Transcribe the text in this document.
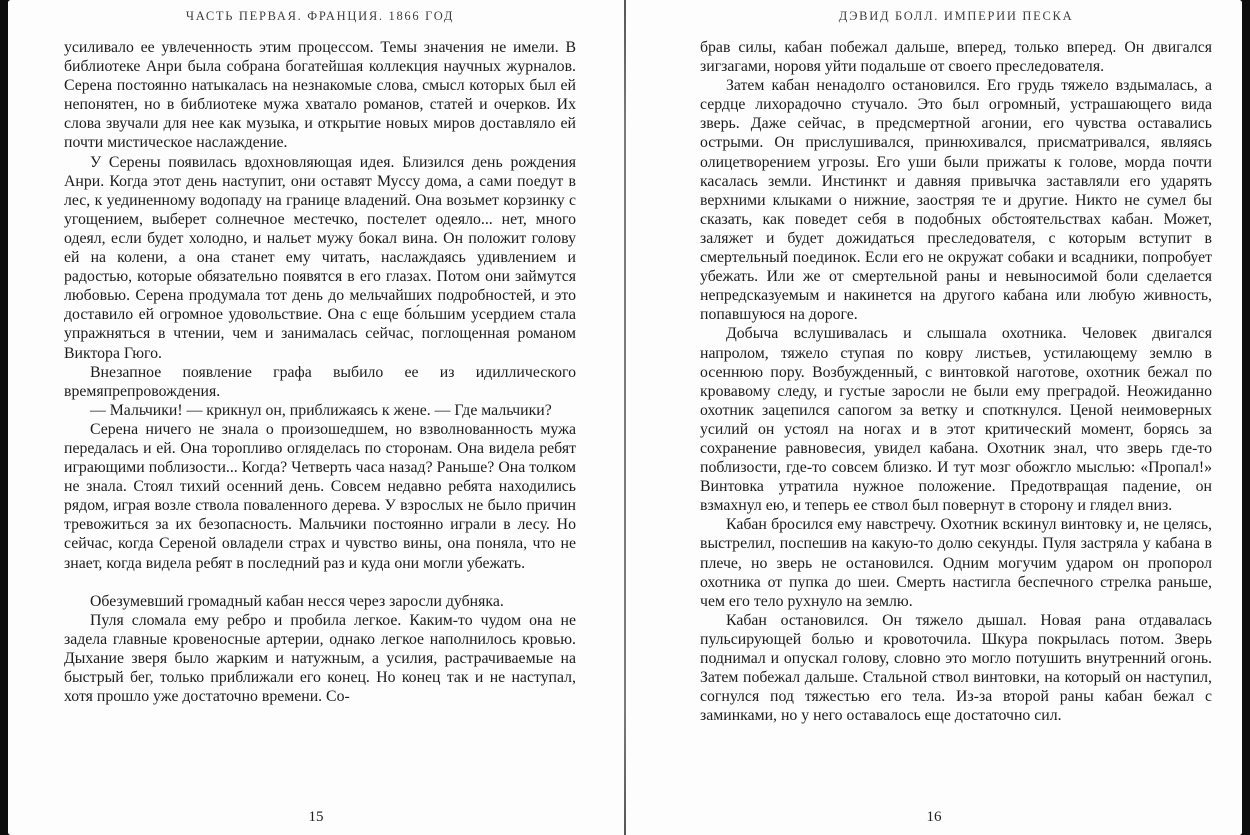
ЧАСТЬ ПЕРВАЯ. ФРАНЦИЯ. 1866 ГОД

усиливало ее увлеченность этим процессом. Темы значения не имели. В библиотеке Анри была собрана богатейшая коллекция научных журналов. Серена постоянно натыкалась на незнакомые слова, смысл которых был ей непонятен, но в библиотеке мужа хватало романов, статей и очерков. Их слова звучали для нее как музыка, и открытие новых миров доставляло ей почти мистическое наслаждение.

У Серены появилась вдохновляющая идея. Близился день рождения Анри. Когда этот день наступит, они оставят Муссу дома, а сами поедут в лес, к уединенному водопаду на границе владений. Она возьмет корзинку с угощением, выберет солнечное местечко, постелет одеяло... нет, много одеял, если будет холодно, и нальет мужу бокал вина. Он положит голову ей на колени, а она станет ему читать, наслаждаясь удивлением и радостью, которые обязательно появятся в его глазах. Потом они займутся любовью. Серена продумала тот день до мельчайших подробностей, и это доставило ей огромное удовольствие. Она с еще бо́льшим усердием стала упражняться в чтении, чем и занималась сейчас, поглощенная романом Виктора Гюго.

Внезапное появление графа выбило ее из идиллического времяпрепровождения.

— Мальчики! — крикнул он, приближаясь к жене. — Где мальчики?

Серена ничего не знала о произошедшем, но взволнованность мужа передалась и ей. Она торопливо огляделась по сторонам. Она видела ребят играющими поблизости... Когда? Четверть часа назад? Раньше? Она толком не знала. Стоял тихий осенний день. Совсем недавно ребята находились рядом, играя возле ствола поваленного дерева. У взрослых не было причин тревожиться за их безопасность. Мальчики постоянно играли в лесу. Но сейчас, когда Сереной овладели страх и чувство вины, она поняла, что не знает, когда видела ребят в последний раз и куда они могли убежать.

Обезумевший громадный кабан несся через заросли дубняка.

Пуля сломала ему ребро и пробила легкое. Каким-то чудом она не задела главные кровеносные артерии, однако легкое наполнилось кровью. Дыхание зверя было жарким и натужным, а усилия, растрачиваемые на быстрый бег, только приближали его конец. Но конец так и не наступал, хотя прошло уже достаточно времени. Со-

15
ДЭВИД БОЛЛ. ИМПЕРИИ ПЕСКА

брав силы, кабан побежал дальше, вперед, только вперед. Он двигался зигзагами, норовя уйти подальше от своего преследователя.

Затем кабан ненадолго остановился. Его грудь тяжело вздымалась, а сердце лихорадочно стучало. Это был огромный, устрашающего вида зверь. Даже сейчас, в предсмертной агонии, его чувства оставались острыми. Он прислушивался, принюхивался, присматривался, являясь олицетворением угрозы. Его уши были прижаты к голове, морда почти касалась земли. Инстинкт и давняя привычка заставляли его ударять верхними клыками о нижние, заостряя те и другие. Никто не сумел бы сказать, как поведет себя в подобных обстоятельствах кабан. Может, заляжет и будет дожидаться преследователя, с которым вступит в смертельный поединок. Если его не окружат собаки и всадники, попробует убежать. Или же от смертельной раны и невыносимой боли сделается непредсказуемым и накинется на другого кабана или любую живность, попавшуюся на дороге.

Добыча вслушивалась и слышала охотника. Человек двигался напролом, тяжело ступая по ковру листьев, устилающему землю в осеннюю пору. Возбужденный, с винтовкой наготове, охотник бежал по кровавому следу, и густые заросли не были ему преградой. Неожиданно охотник зацепился сапогом за ветку и споткнулся. Ценой неимоверных усилий он устоял на ногах и в этот критический момент, борясь за сохранение равновесия, увидел кабана. Охотник знал, что зверь где-то поблизости, где-то совсем близко. И тут мозг обожгло мыслью: «Пропал!» Винтовка утратила нужное положение. Предотвращая падение, он взмахнул ею, и теперь ее ствол был повернут в сторону и глядел вниз.

Кабан бросился ему навстречу. Охотник вскинул винтовку и, не целясь, выстрелил, поспешив на какую-то долю секунды. Пуля застряла у кабана в плече, но зверь не остановился. Одним могучим ударом он пропорол охотника от пупка до шеи. Смерть настигла беспечного стрелка раньше, чем его тело рухнуло на землю.

Кабан остановился. Он тяжело дышал. Новая рана отдавалась пульсирующей болью и кровоточила. Шкура покрылась потом. Зверь поднимал и опускал голову, словно это могло потушить внутренний огонь. Затем побежал дальше. Стальной ствол винтовки, на который он наступил, согнулся под тяжестью его тела. Из-за второй раны кабан бежал с заминками, но у него оставалось еще достаточно сил.

16
